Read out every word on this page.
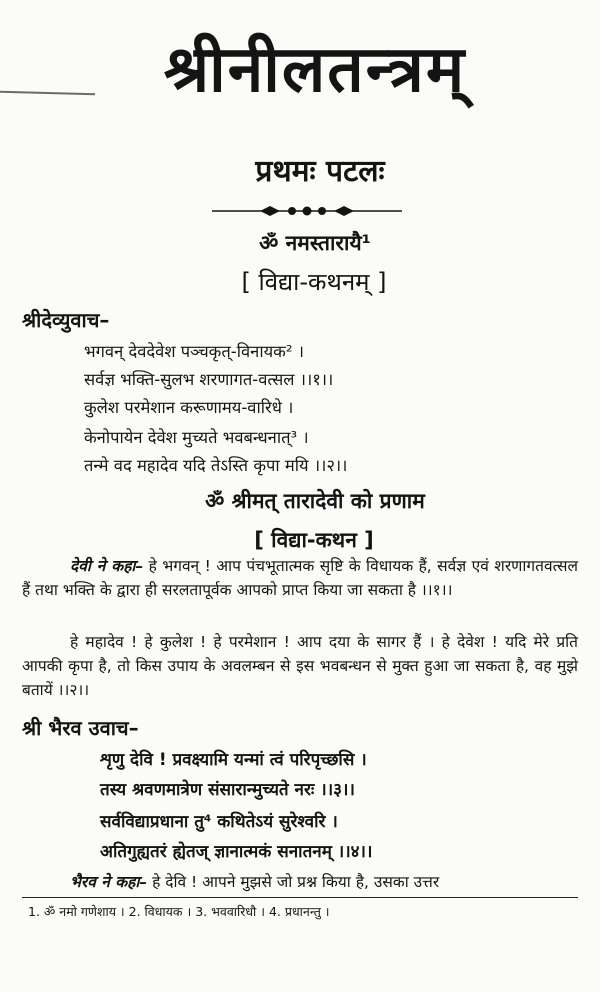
श्रीनीलतन्त्रम्
प्रथमः पटलः

ॐ नमस्तारायै¹

[ विद्या-कथनम् ]

श्रीदेव्युवाच–

भगवन् देवदेवेश पञ्चकृत्-विनायक² ।

सर्वज्ञ भक्ति-सुलभ शरणागत-वत्सल ।।१।।

कुलेश परमेशान करूणामय-वारिधे ।

केनोपायेन देवेश मुच्यते भवबन्धनात्³ ।

तन्मे वद महादेव यदि तेऽस्ति कृपा मयि ।।२।।

ॐ श्रीमत् तारादेवी को प्रणाम

[ विद्या-कथन ]

देवी ने कहा– हे भगवन् ! आप पंचभूतात्मक सृष्टि के विधायक हैं, सर्वज्ञ एवं शरणागतवत्सल हैं तथा भक्ति के द्वारा ही सरलतापूर्वक आपको प्राप्त किया जा सकता है ।।१।।

हे महादेव ! हे कुलेश ! हे परमेशान ! आप दया के सागर हैं । हे देवेश ! यदि मेरे प्रति आपकी कृपा है, तो किस उपाय के अवलम्बन से इस भवबन्धन से मुक्त हुआ जा सकता है, वह मुझे बतायें ।।२।।

श्री भैरव उवाच–

शृणु देवि ! प्रवक्ष्यामि यन्मां त्वं परिपृच्छसि ।

तस्य श्रवणमात्रेण संसारान्मुच्यते नरः ।।३।।

सर्वविद्याप्रधाना तु⁴ कथितेऽयं सुरेश्वरि ।

अतिगुह्यतरं ह्येतज् ज्ञानात्मकं सनातनम् ।।४।।

भैरव ने कहा– हे देवि ! आपने मुझसे जो प्रश्न किया है, उसका उत्तर

1. ॐ नमो गणेशाय । 2. विधायक । 3. भववारिधौ । 4. प्रधानन्तु ।
